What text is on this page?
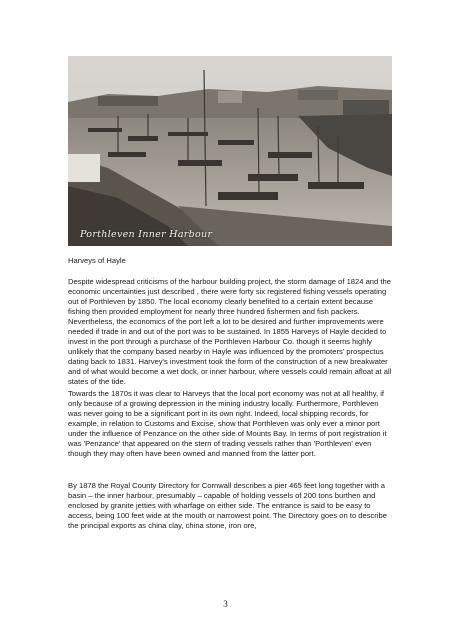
Porthleven Inner Harbour
Harveys of Hayle
Despite widespread criticisms of the harbour building project, the storm damage of 1824 and the economic uncertainties just described , there were forty six registered fishing vessels operating out of Porthleven by 1850. The local economy clearly benefited to a certain extent because fishing then provided employment for nearly three hundred fishermen and fish packers. Nevertheless, the economics of the port left a lot to be desired and further improvements were needed if trade in and out of the port was to be sustained. In 1855 Harveys of Hayle decided to invest in the port through a purchase of the Porthleven Harbour Co. though it seems highly unlikely that the company based nearby in Hayle was influenced by the promoters' prospectus dating back to 1831. Harvey's investment took the form of the construction of a new breakwater and of what would become a wet dock, or inner harbour, where vessels could remain afloat at all states of the tide.
Towards the 1870s it was clear to Harveys that the local port economy was not at all healthy, if only because of a growing depression in the mining industry locally. Furthermore, Porthleven was never going to be a significant port in its own right. Indeed, local shipping records, for example, in relation to Customs and Excise, show that Porthleven was only ever a minor port under the influence of Penzance on the other side of Mounts Bay. In terms of port registration it was 'Penzance' that appeared on the stern of trading vessels rather than 'Porthleven' even though they may often have been owned and manned from the latter port.
By 1878 the Royal County Directory for Cornwall describes a pier 465 feet long together with a basin – the inner harbour, presumably – capable of holding vessels of 200 tons burthen and enclosed by granite jetties with wharfage on either side. The entrance is said to be easy to access, being 100 feet wide at the mouth or narrowest point. The Directory goes on to describe the principal exports as china clay, china stone, iron ore,
3
